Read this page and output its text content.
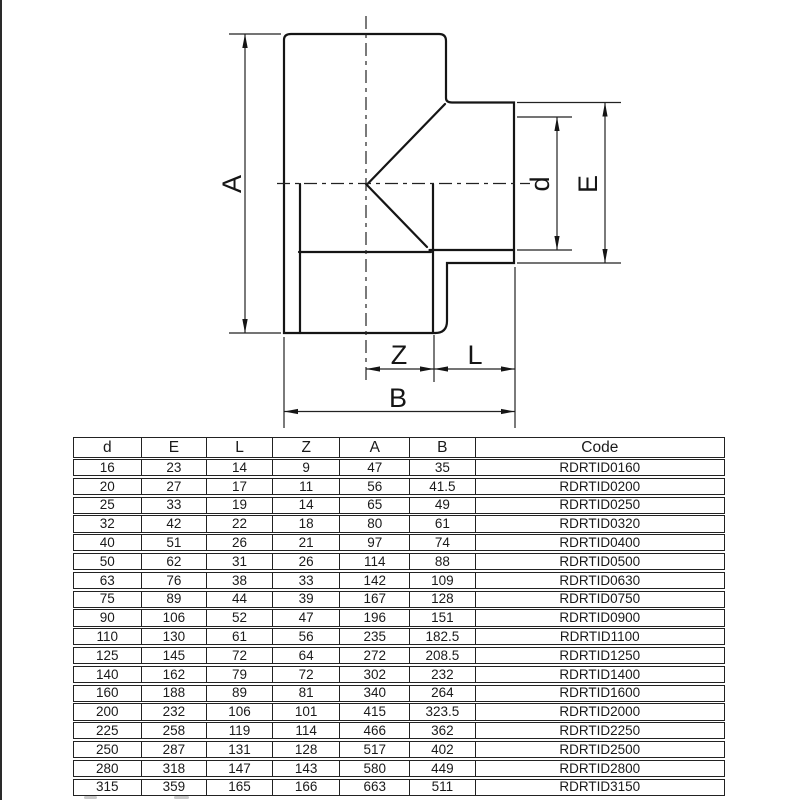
A	d E
Z L
B
d	E	L	Z	A	B	Code
16	23	14	9	47	35	RDRTID0160
20	27	17	11	56	41.5	RDRTID0200
25	33	19	14	65	49	RDRTID0250
32	42	22	18	80	61	RDRTID0320
40	51	26	21	97	74	RDRTID0400
50	62	31	26	114	88	RDRTID0500
63	76	38	33	142	109	RDRTID0630
75	89	44	39	167	128	RDRTID0750
90	106	52	47	196	151	RDRTID0900
110	130	61	56	235	182.5	RDRTID1100
125	145	72	64	272	208.5	RDRTID1250
140	162	79	72	302	232	RDRTID1400
160	188	89	81	340	264	RDRTID1600
200	232	106	101	415	323.5	RDRTID2000
225	258	119	114	466	362	RDRTID2250
250	287	131	128	517	402	RDRTID2500
280	318	147	143	580	449	RDRTID2800
315	359	165	166	663	511	RDRTID3150
